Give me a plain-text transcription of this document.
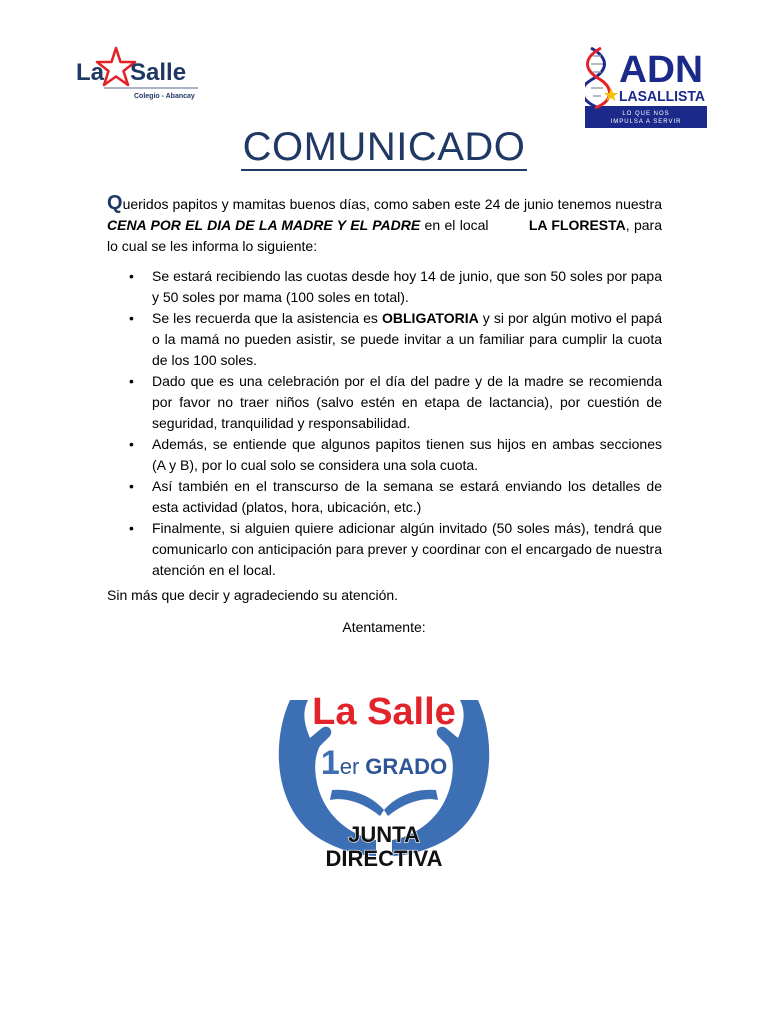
La Salle
Colegio - Abancay
ADN
LASALLISTA
LO QUE NOS
IMPULSA A SERVIR
COMUNICADO
Queridos papitos y mamitas buenos días, como saben este 24 de junio tenemos nuestra CENA POR EL DIA DE LA MADRE Y EL PADRE en el local	LA FLORESTA, para lo cual se les informa lo siguiente:
• Se estará recibiendo las cuotas desde hoy 14 de junio, que son 50 soles por papa y 50 soles por mama (100 soles en total).
• Se les recuerda que la asistencia es OBLIGATORIA y si por algún motivo el papá o la mamá no pueden asistir, se puede invitar a un familiar para cumplir la cuota de los 100 soles.
• Dado que es una celebración por el día del padre y de la madre se recomienda por favor no traer niños (salvo estén en etapa de lactancia), por cuestión de seguridad, tranquilidad y responsabilidad.
• Además, se entiende que algunos papitos tienen sus hijos en ambas secciones (A y B), por lo cual solo se considera una sola cuota.
• Así también en el transcurso de la semana se estará enviando los detalles de esta actividad (platos, hora, ubicación, etc.)
• Finalmente, si alguien quiere adicionar algún invitado (50 soles más), tendrá que comunicarlo con anticipación para prever y coordinar con el encargado de nuestra atención en el local.
Sin más que decir y agradeciendo su atención.
Atentamente:
La Salle
1er GRADO
JUNTA
DIRECTIVA
